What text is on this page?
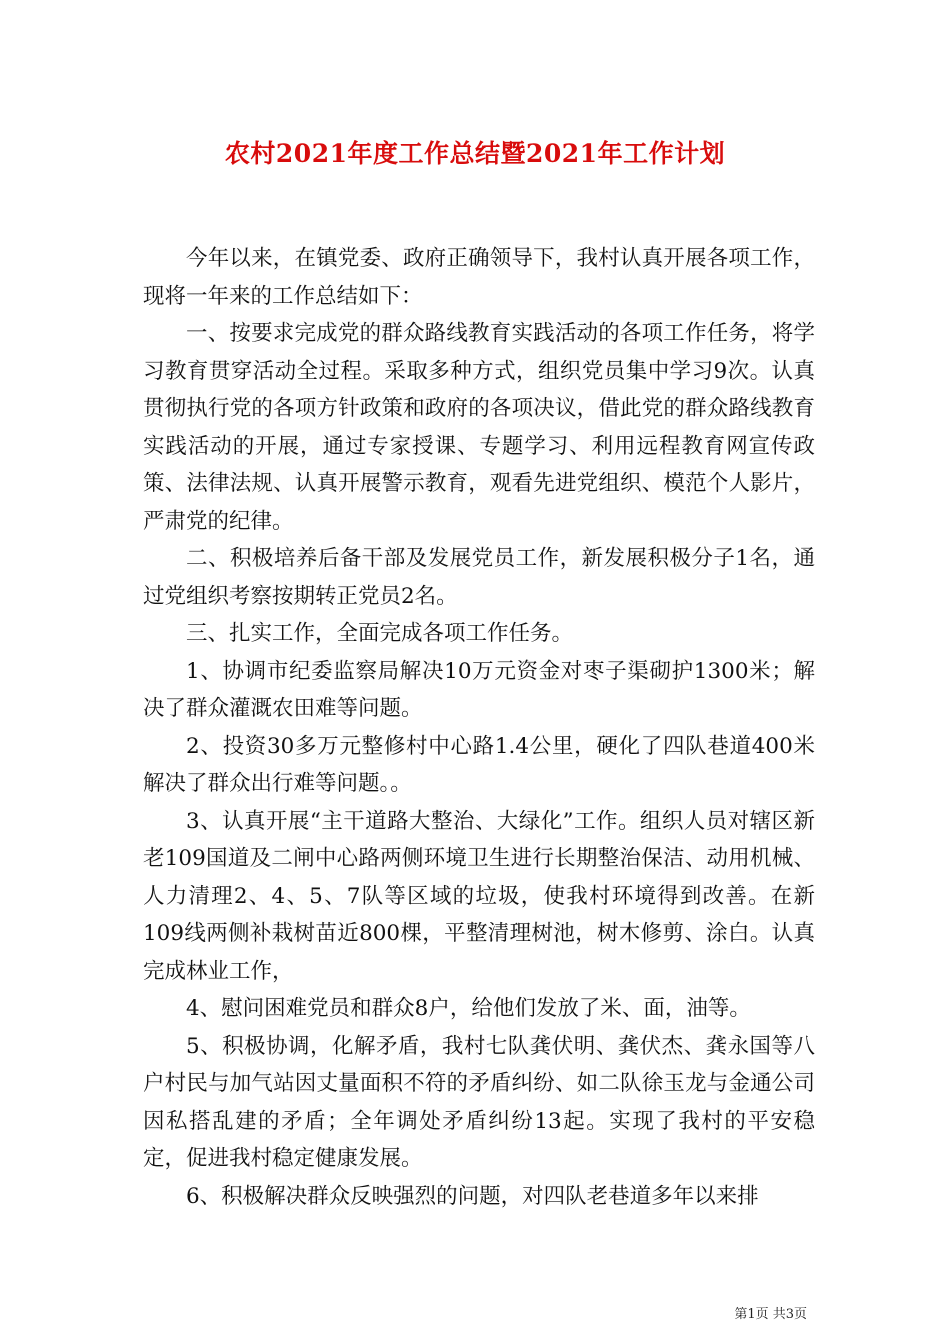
农村2021年度工作总结暨2021年工作计划

今年以来，在镇党委、政府正确领导下，我村认真开展各项工作，现将一年来的工作总结如下：

一、按要求完成党的群众路线教育实践活动的各项工作任务，将学习教育贯穿活动全过程。采取多种方式，组织党员集中学习9次。认真贯彻执行党的各项方针政策和政府的各项决议，借此党的群众路线教育实践活动的开展，通过专家授课、专题学习、利用远程教育网宣传政策、法律法规、认真开展警示教育，观看先进党组织、模范个人影片，严肃党的纪律。

二、积极培养后备干部及发展党员工作，新发展积极分子1名，通过党组织考察按期转正党员2名。

三、扎实工作，全面完成各项工作任务。

1、协调市纪委监察局解决10万元资金对枣子渠砌护1300米；解决了群众灌溉农田难等问题。

2、投资30多万元整修村中心路1.4公里，硬化了四队巷道400米解决了群众出行难等问题。。

3、认真开展“主干道路大整治、大绿化”工作。组织人员对辖区新老109国道及二闸中心路两侧环境卫生进行长期整治保洁、动用机械、人力清理2、4、5、7队等区域的垃圾，使我村环境得到改善。在新109线两侧补栽树苗近800棵，平整清理树池，树木修剪、涂白。认真完成林业工作，

4、慰问困难党员和群众8户，给他们发放了米、面，油等。

5、积极协调，化解矛盾，我村七队龚伏明、龚伏杰、龚永国等八户村民与加气站因丈量面积不符的矛盾纠纷、如二队徐玉龙与金通公司因私搭乱建的矛盾；全年调处矛盾纠纷13起。实现了我村的平安稳定，促进我村稳定健康发展。

6、积极解决群众反映强烈的问题，对四队老巷道多年以来排

第1页 共3页
